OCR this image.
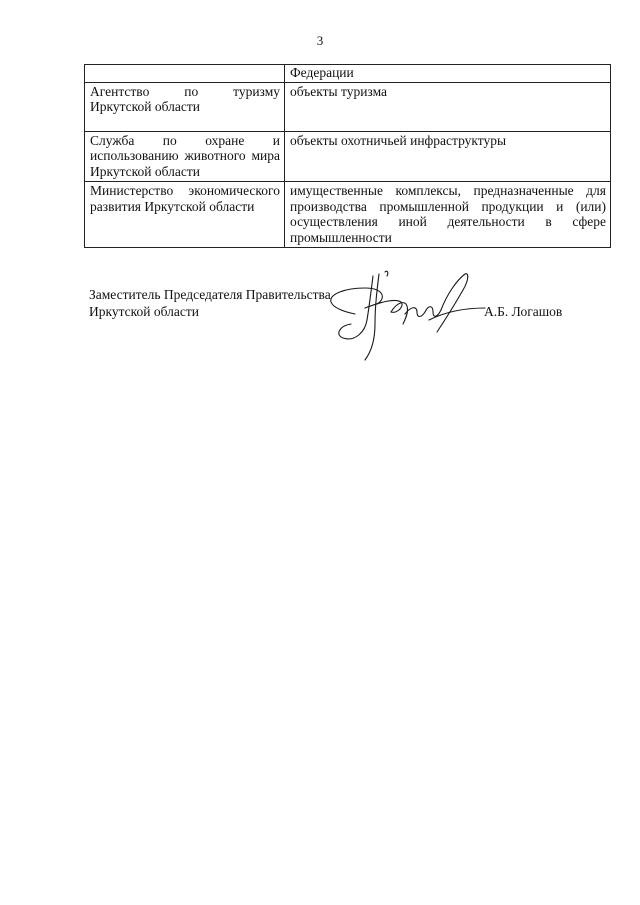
3
	Федерации
Агентство по туризму Иркутской области	объекты туризма
Служба по охране и использованию животного мира Иркутской области	объекты охотничьей инфраструктуры
Министерство экономического развития Иркутской области	имущественные комплексы, предназначенные для производства промышленной продукции и (или) осуществления иной деятельности в сфере промышленности
Заместитель Председателя Правительства
Иркутской области	А.Б. Логашов
